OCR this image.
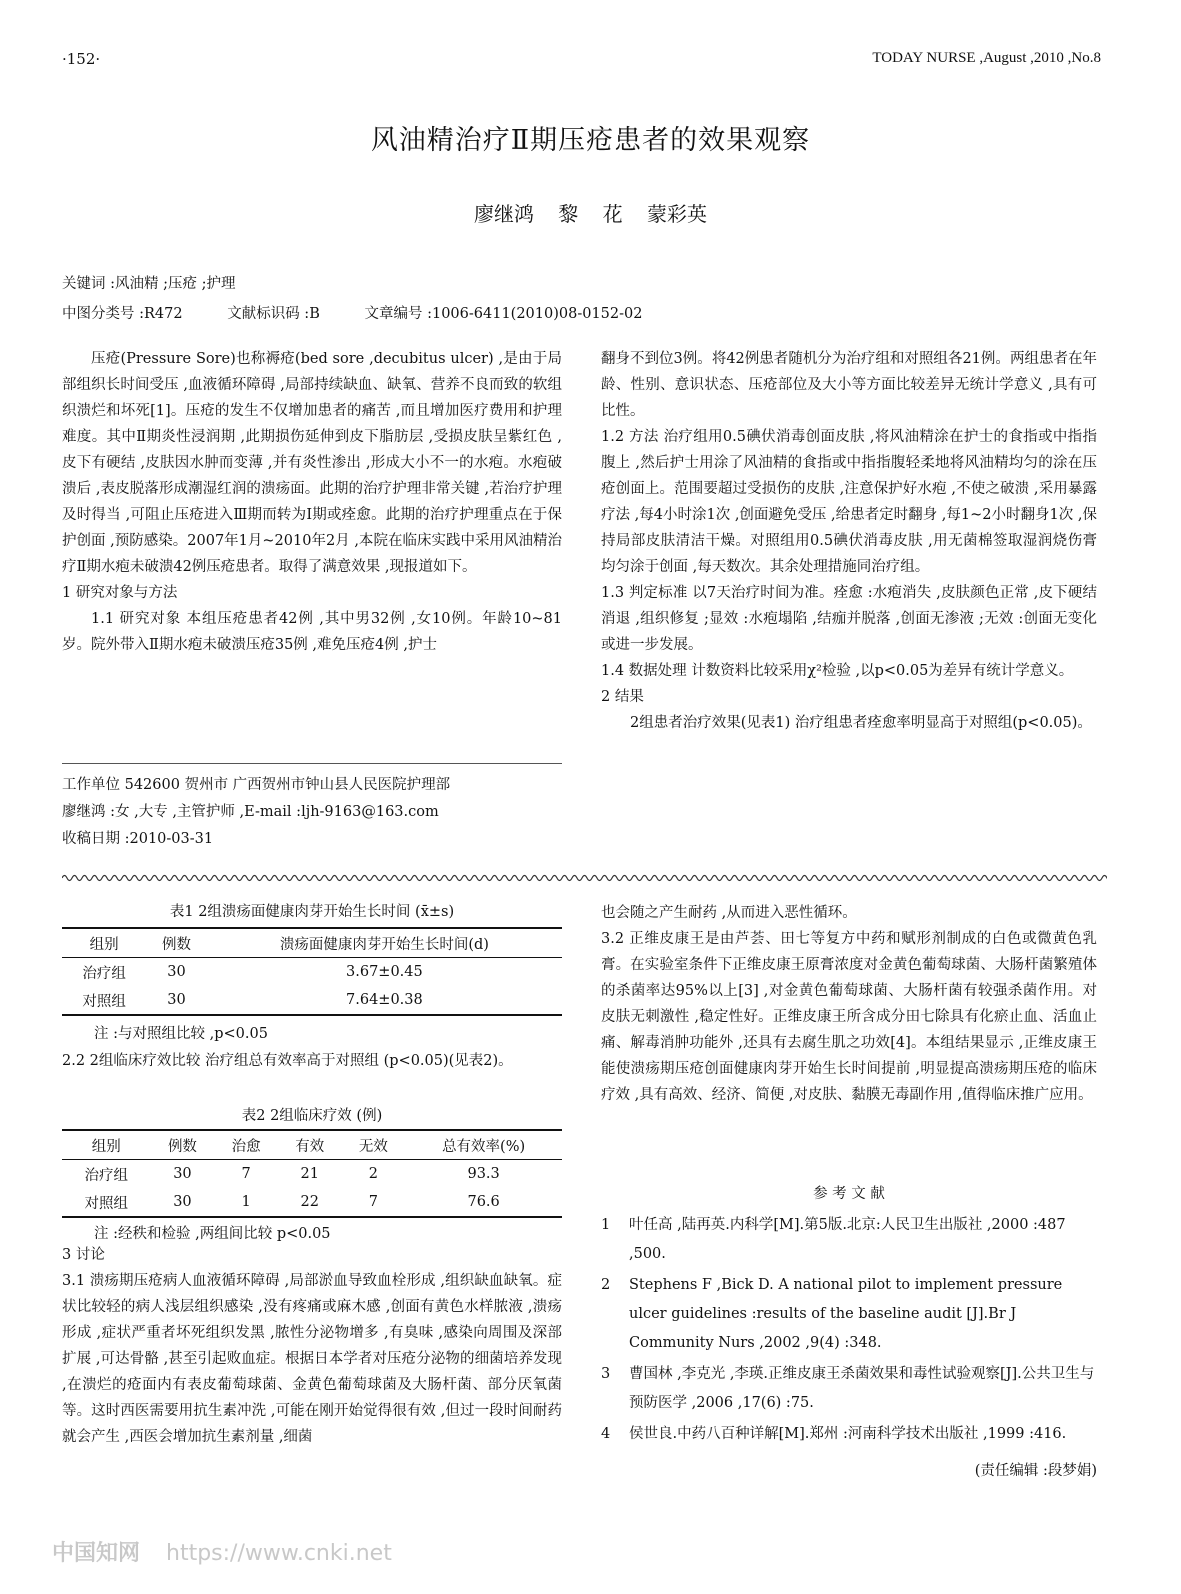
·152·	TODAY NURSE ,August ,2010 ,No.8
风油精治疗Ⅱ期压疮患者的效果观察
廖继鸿 黎 花 蒙彩英
关键词 :风油精 ;压疮 ;护理
中图分类号 :R472	文献标识码 :B	文章编号 :1006-6411(2010)08-0152-02

压疮(Pressure Sore)也称褥疮(bed sore ,decubitus ulcer) ,是由于局部组织长时间受压 ,血液循环障碍 ,局部持续缺血、缺氧、营养不良而致的软组织溃烂和坏死[1]。压疮的发生不仅增加患者的痛苦 ,而且增加医疗费用和护理难度。其中Ⅱ期炎性浸润期 ,此期损伤延伸到皮下脂肪层 ,受损皮肤呈紫红色 ,皮下有硬结 ,皮肤因水肿而变薄 ,并有炎性渗出 ,形成大小不一的水疱。水疱破溃后 ,表皮脱落形成潮湿红润的溃疡面。此期的治疗护理非常关键 ,若治疗护理及时得当 ,可阻止压疮进入Ⅲ期而转为Ⅰ期或痊愈。此期的治疗护理重点在于保护创面 ,预防感染。2007年1月~2010年2月 ,本院在临床实践中采用风油精治疗Ⅱ期水疱未破溃42例压疮患者。取得了满意效果 ,现报道如下。

1 研究对象与方法

1.1 研究对象 本组压疮患者42例 ,其中男32例 ,女10例。年龄10~81岁。院外带入Ⅱ期水疱未破溃压疮35例 ,难免压疮4例 ,护士

工作单位 542600 贺州市 广西贺州市钟山县人民医院护理部
廖继鸿 :女 ,大专 ,主管护师 ,E-mail :ljh-9163@163.com
收稿日期 :2010-03-31

翻身不到位3例。将42例患者随机分为治疗组和对照组各21例。两组患者在年龄、性别、意识状态、压疮部位及大小等方面比较差异无统计学意义 ,具有可比性。

1.2 方法 治疗组用0.5碘伏消毒创面皮肤 ,将风油精涂在护士的食指或中指指腹上 ,然后护士用涂了风油精的食指或中指指腹轻柔地将风油精均匀的涂在压疮创面上。范围要超过受损伤的皮肤 ,注意保护好水疱 ,不使之破溃 ,采用暴露疗法 ,每4小时涂1次 ,创面避免受压 ,给患者定时翻身 ,每1~2小时翻身1次 ,保持局部皮肤清洁干燥。对照组用0.5碘伏消毒皮肤 ,用无菌棉签取湿润烧伤膏均匀涂于创面 ,每天数次。其余处理措施同治疗组。

1.3 判定标准 以7天治疗时间为准。痊愈 :水疱消失 ,皮肤颜色正常 ,皮下硬结消退 ,组织修复 ;显效 :水疱塌陷 ,结痂并脱落 ,创面无渗液 ;无效 :创面无变化或进一步发展。

1.4 数据处理 计数资料比较采用χ²检验 ,以p<0.05为差异有统计学意义。

2 结果

2组患者治疗效果(见表1) 治疗组患者痊愈率明显高于对照组(p<0.05)。

表1 2组溃疡面健康肉芽开始生长时间 (x̄±s)
组别	例数	溃疡面健康肉芽开始生长时间(d)
治疗组	30	3.67±0.45
对照组	30	7.64±0.38
注 :与对照组比较 ,p<0.05

2.2 2组临床疗效比较 治疗组总有效率高于对照组 (p<0.05)(见表2)。

表2 2组临床疗效 (例)
组别	例数	治愈	有效	无效	总有效率(%)
治疗组	30	7	21	2	93.3
对照组	30	1	22	7	76.6
注 :经秩和检验 ,两组间比较 p<0.05

3 讨论

3.1 溃疡期压疮病人血液循环障碍 ,局部淤血导致血栓形成 ,组织缺血缺氧。症状比较轻的病人浅层组织感染 ,没有疼痛或麻木感 ,创面有黄色水样脓液 ,溃疡形成 ,症状严重者坏死组织发黑 ,脓性分泌物增多 ,有臭味 ,感染向周围及深部扩展 ,可达骨骼 ,甚至引起败血症。根据日本学者对压疮分泌物的细菌培养发现 ,在溃烂的疮面内有表皮葡萄球菌、金黄色葡萄球菌及大肠杆菌、部分厌氧菌等。这时西医需要用抗生素冲洗 ,可能在刚开始觉得很有效 ,但过一段时间耐药就会产生 ,西医会增加抗生素剂量 ,细菌

也会随之产生耐药 ,从而进入恶性循环。

3.2 正维皮康王是由芦荟、田七等复方中药和赋形剂制成的白色或微黄色乳膏。在实验室条件下正维皮康王原膏浓度对金黄色葡萄球菌、大肠杆菌繁殖体的杀菌率达95%以上[3] ,对金黄色葡萄球菌、大肠杆菌有较强杀菌作用。对皮肤无刺激性 ,稳定性好。正维皮康王所含成分田七除具有化瘀止血、活血止痛、解毒消肿功能外 ,还具有去腐生肌之功效[4]。本组结果显示 ,正维皮康王能使溃疡期压疮创面健康肉芽开始生长时间提前 ,明显提高溃疡期压疮的临床疗效 ,具有高效、经济、简便 ,对皮肤、黏膜无毒副作用 ,值得临床推广应用。

参 考 文 献
1 叶任高 ,陆再英.内科学[M].第5版.北京:人民卫生出版社 ,2000 :487 ,500.
2 Stephens F ,Bick D. A national pilot to implement pressure ulcer guidelines :results of the baseline audit [J].Br J Community Nurs ,2002 ,9(4) :348.
3 曹国林 ,李克光 ,李瑛.正维皮康王杀菌效果和毒性试验观察[J].公共卫生与预防医学 ,2006 ,17(6) :75.
4 侯世良.中药八百种详解[M].郑州 :河南科学技术出版社 ,1999 :416.
(责任编辑 :段梦娟)
中国知网 https://www.cnki.net
